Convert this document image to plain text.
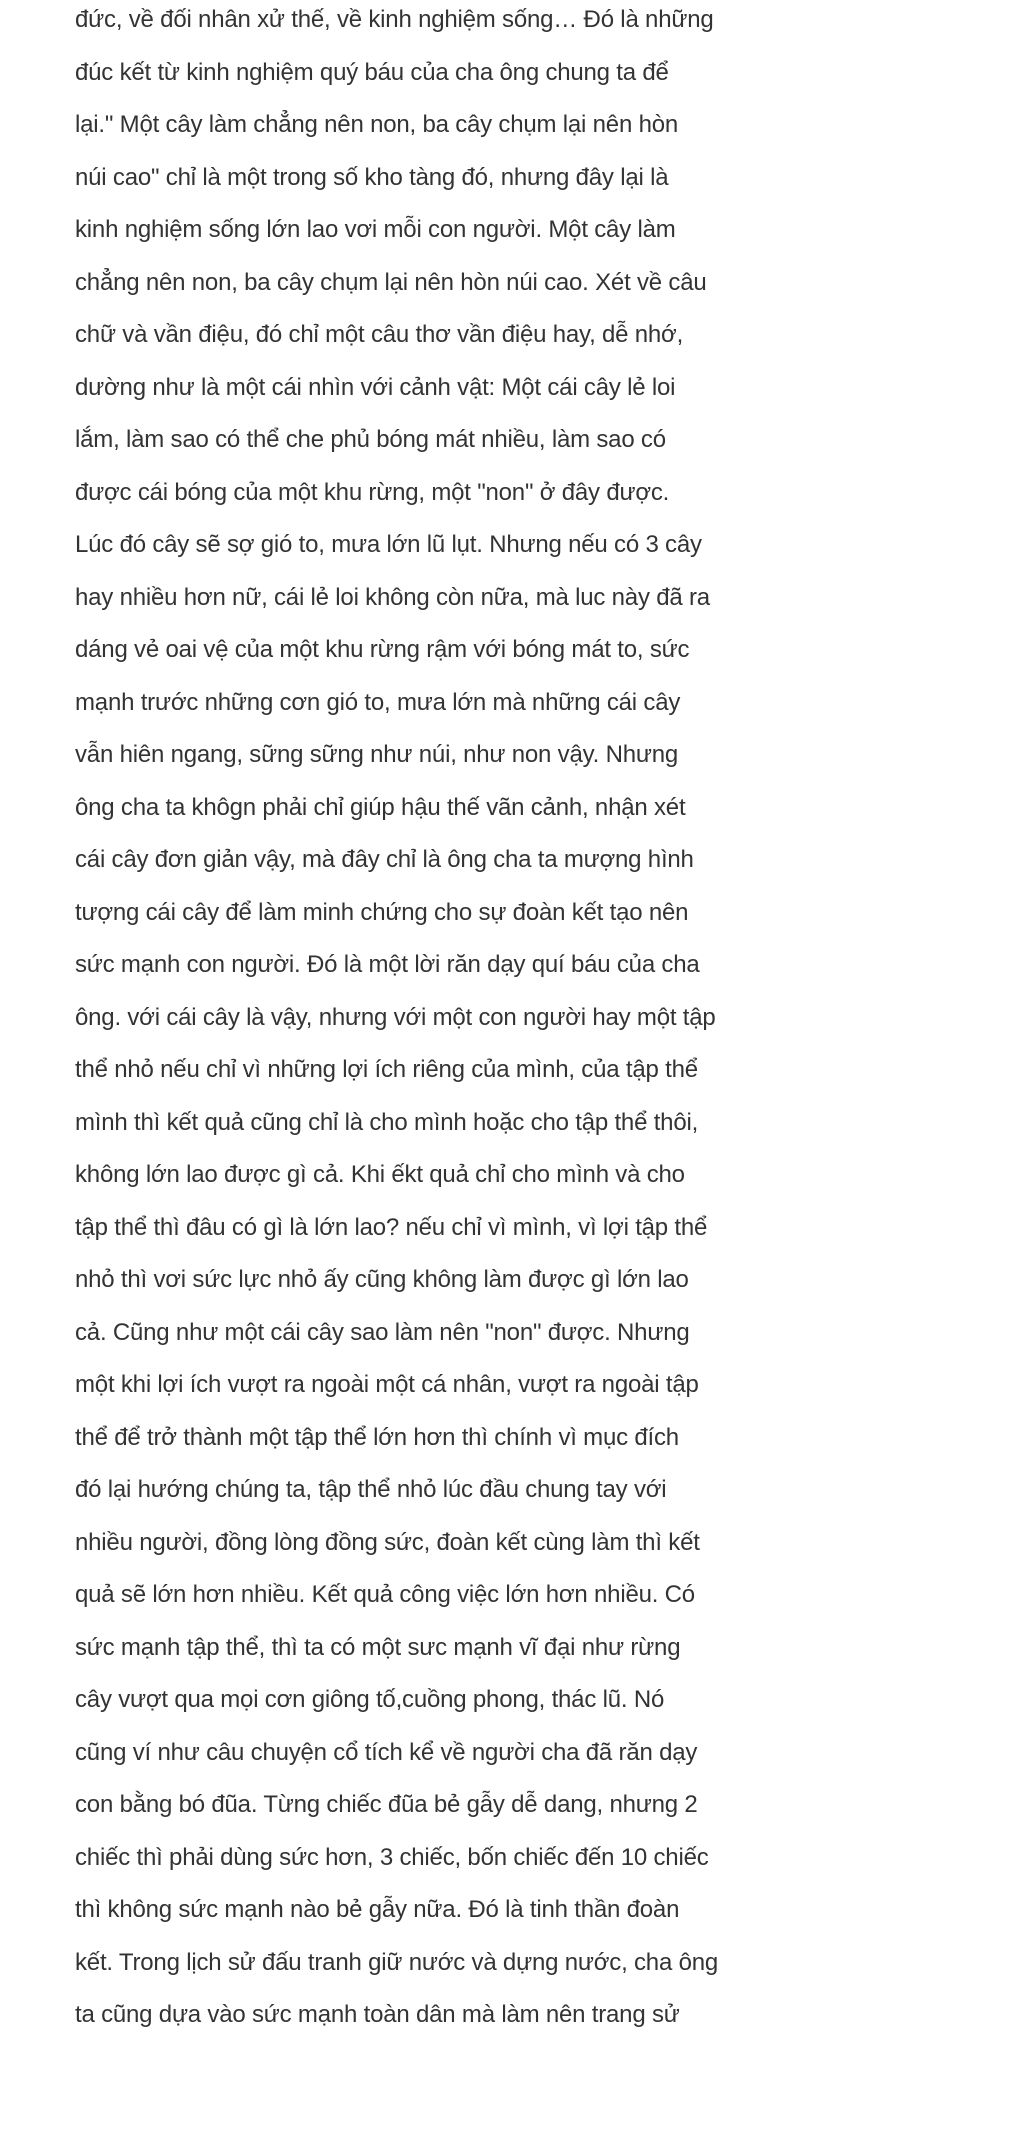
đức, về đối nhân xử thế, về kinh nghiệm sống… Đó là những
đúc kết từ kinh nghiệm quý báu của cha ông chung ta để
lại." Một cây làm chẳng nên non, ba cây chụm lại nên hòn
núi cao" chỉ là một trong số kho tàng đó, nhưng đây lại là
kinh nghiệm sống lớn lao vơi mỗi con người. Một cây làm
chẳng nên non, ba cây chụm lại nên hòn núi cao. Xét về câu
chữ và vần điệu, đó chỉ một câu thơ vần điệu hay, dễ nhớ,
dường như là một cái nhìn với cảnh vật: Một cái cây lẻ loi
lắm, làm sao có thể che phủ bóng mát nhiều, làm sao có
được cái bóng của một khu rừng, một "non" ở đây được.
Lúc đó cây sẽ sợ gió to, mưa lớn lũ lụt. Nhưng nếu có 3 cây
hay nhiều hơn nữ, cái lẻ loi không còn nữa, mà luc này đã ra
dáng vẻ oai vệ của một khu rừng rậm với bóng mát to, sức
mạnh trước những cơn gió to, mưa lớn mà những cái cây
vẫn hiên ngang, sững sững như núi, như non vậy. Nhưng
ông cha ta khôgn phải chỉ giúp hậu thế vãn cảnh, nhận xét
cái cây đơn giản vậy, mà đây chỉ là ông cha ta mượng hình
tượng cái cây để làm minh chứng cho sự đoàn kết tạo nên
sức mạnh con người. Đó là một lời răn dạy quí báu của cha
ông. với cái cây là vậy, nhưng với một con người hay một tập
thể nhỏ nếu chỉ vì những lợi ích riêng của mình, của tập thể
mình thì kết quả cũng chỉ là cho mình hoặc cho tập thể thôi,
không lớn lao được gì cả. Khi ếkt quả chỉ cho mình và cho
tập thể thì đâu có gì là lớn lao? nếu chỉ vì mình, vì lợi tập thể
nhỏ thì vơi sức lực nhỏ ấy cũng không làm được gì lớn lao
cả. Cũng như một cái cây sao làm nên "non" được. Nhưng
một khi lợi ích vượt ra ngoài một cá nhân, vượt ra ngoài tập
thể để trở thành một tập thể lớn hơn thì chính vì mục đích
đó lại hướng chúng ta, tập thể nhỏ lúc đầu chung tay với
nhiều người, đồng lòng đồng sức, đoàn kết cùng làm thì kết
quả sẽ lớn hơn nhiều. Kết quả công việc lớn hơn nhiều. Có
sức mạnh tập thể, thì ta có một sưc mạnh vĩ đại như rừng
cây vượt qua mọi cơn giông tố,cuồng phong, thác lũ. Nó
cũng ví như câu chuyện cổ tích kể về người cha đã răn dạy
con bằng bó đũa. Từng chiếc đũa bẻ gẫy dễ dang, nhưng 2
chiếc thì phải dùng sức hơn, 3 chiếc, bốn chiếc đến 10 chiếc
thì không sức mạnh nào bẻ gẫy nữa. Đó là tinh thần đoàn
kết. Trong lịch sử đấu tranh giữ nước và dựng nước, cha ông
ta cũng dựa vào sức mạnh toàn dân mà làm nên trang sử
